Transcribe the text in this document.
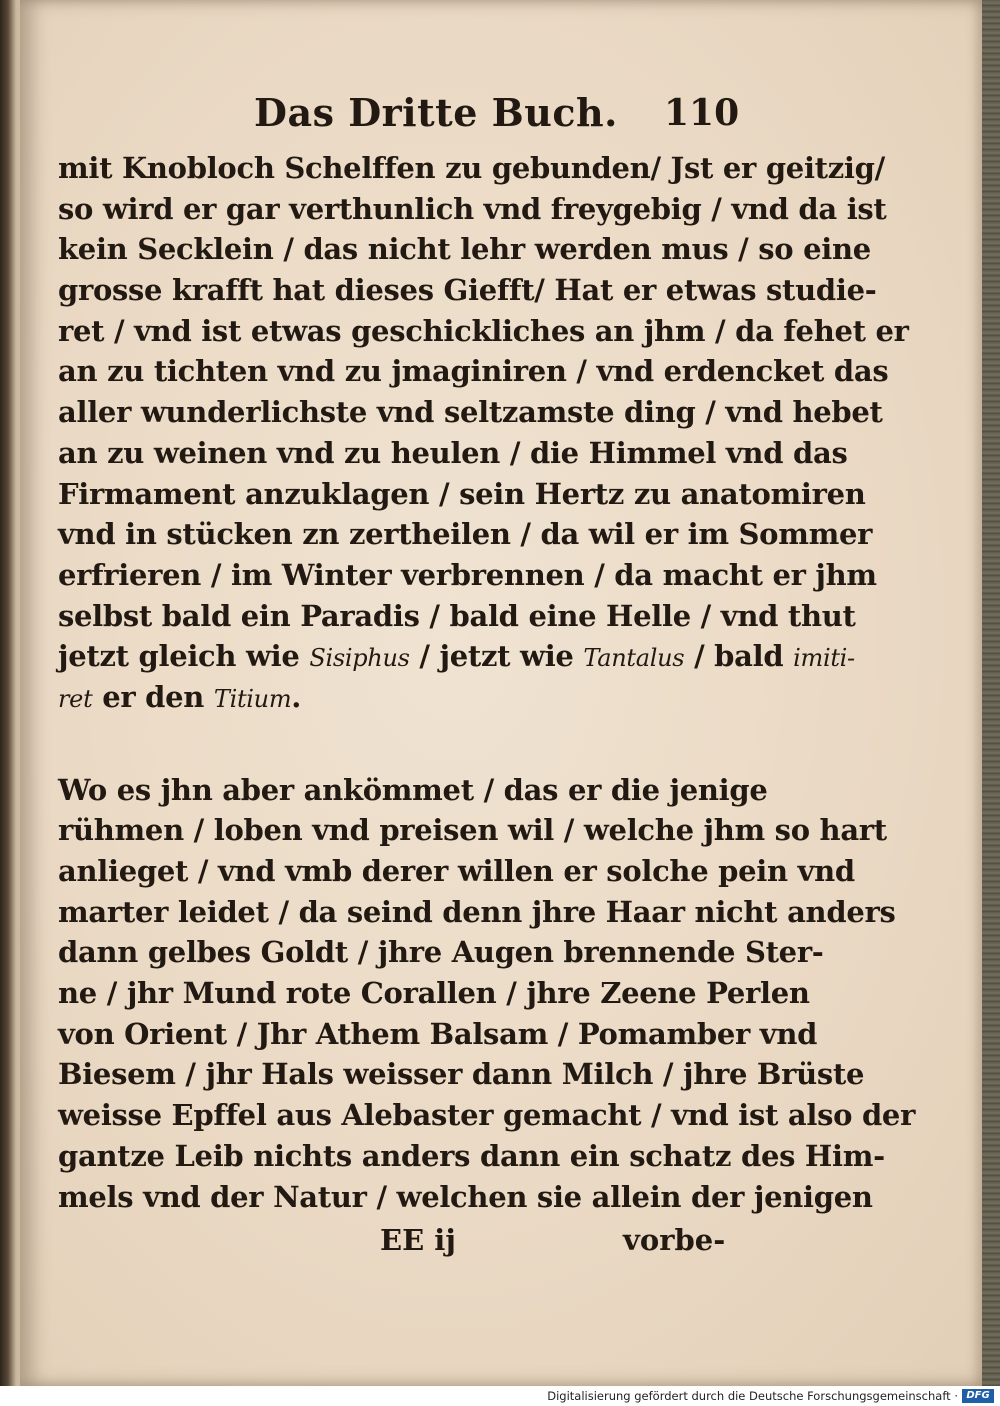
Das Dritte Buch. 110
mit Knobloch Schelffen zu gebunden/ Jst er geitzig/
so wird er gar verthunlich vnd freygebig / vnd da ist
kein Secklein / das nicht lehr werden mus / so eine
grosse krafft hat dieses Giefft/ Hat er etwas studie-
ret / vnd ist etwas geschickliches an jhm / da fehet er
an zu tichten vnd zu jmaginiren / vnd erdencket das
aller wunderlichste vnd seltzamste ding / vnd hebet
an zu weinen vnd zu heulen / die Himmel vnd das
Firmament anzuklagen / sein Hertz zu anatomiren
vnd in stücken zn zertheilen / da wil er im Sommer
erfrieren / im Winter verbrennen / da macht er jhm
selbst bald ein Paradis / bald eine Helle / vnd thut
jetzt gleich wie Sisiphus / jetzt wie Tantalus / bald imiti-
ret er den Titium.
Wo es jhn aber ankömmet / das er die jenige
rühmen / loben vnd preisen wil / welche jhm so hart
anlieget / vnd vmb derer willen er solche pein vnd
marter leidet / da seind denn jhre Haar nicht anders
dann gelbes Goldt / jhre Augen brennende Ster-
ne / jhr Mund rote Corallen / jhre Zeene Perlen
von Orient / Jhr Athem Balsam / Pomamber vnd
Biesem / jhr Hals weisser dann Milch / jhre Brüste
weisse Epffel aus Alebaster gemacht / vnd ist also der
gantze Leib nichts anders dann ein schatz des Him-
mels vnd der Natur / welchen sie allein der jenigen
EE ij	vorbe-
Digitalisierung gefördert durch die Deutsche Forschungsgemeinschaft · DFG
